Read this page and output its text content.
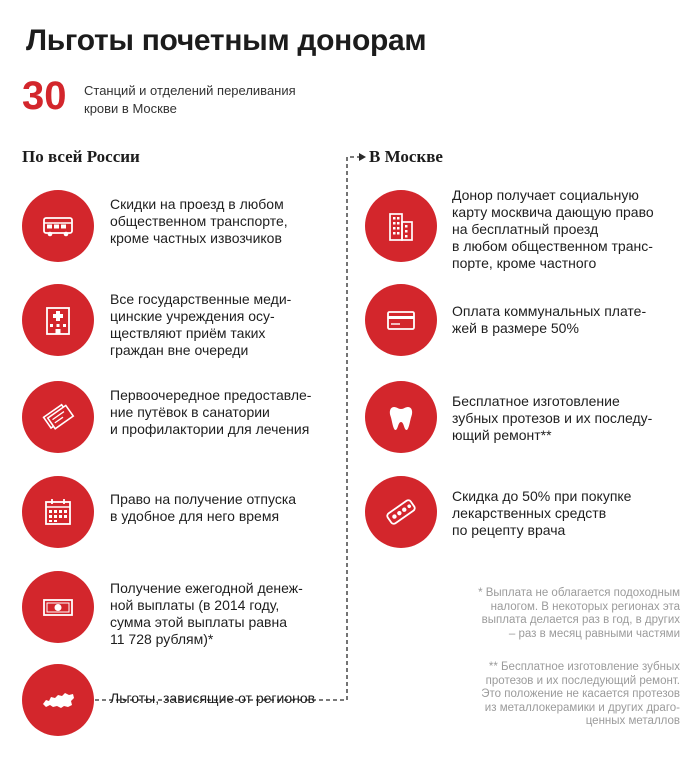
Льготы почетным донорам
30 Станций и отделений переливания
крови в Москве
По всей России	В Москве
Скидки на проезд в любом
общественном транспорте,
кроме частных извозчиков
Все государственные меди-
цинские учреждения осу-
ществляют приём таких
граждан вне очереди
Первоочередное предоставле-
ние путёвок в санатории
и профилактории для лечения
Право на получение отпуска
в удобное для него время
Получение ежегодной денеж-
ной выплаты (в 2014 году,
сумма этой выплаты равна
11 728 рублям)*
Льготы, зависящие от регионов
Донор получает социальную
карту москвича дающую право
на бесплатный проезд
в любом общественном транс-
порте, кроме частного
Оплата коммунальных плате-
жей в размере 50%
Бесплатное изготовление
зубных протезов и их последу-
ющий ремонт**
Скидка до 50% при покупке
лекарственных средств
по рецепту врача
* Выплата не облагается подоходным
налогом. В некоторых регионах эта
выплата делается раз в год, в других
– раз в месяц равными частями
** Бесплатное изготовление зубных
протезов и их последующий ремонт.
Это положение не касается протезов
из металлокерамики и других драго-
ценных металлов
